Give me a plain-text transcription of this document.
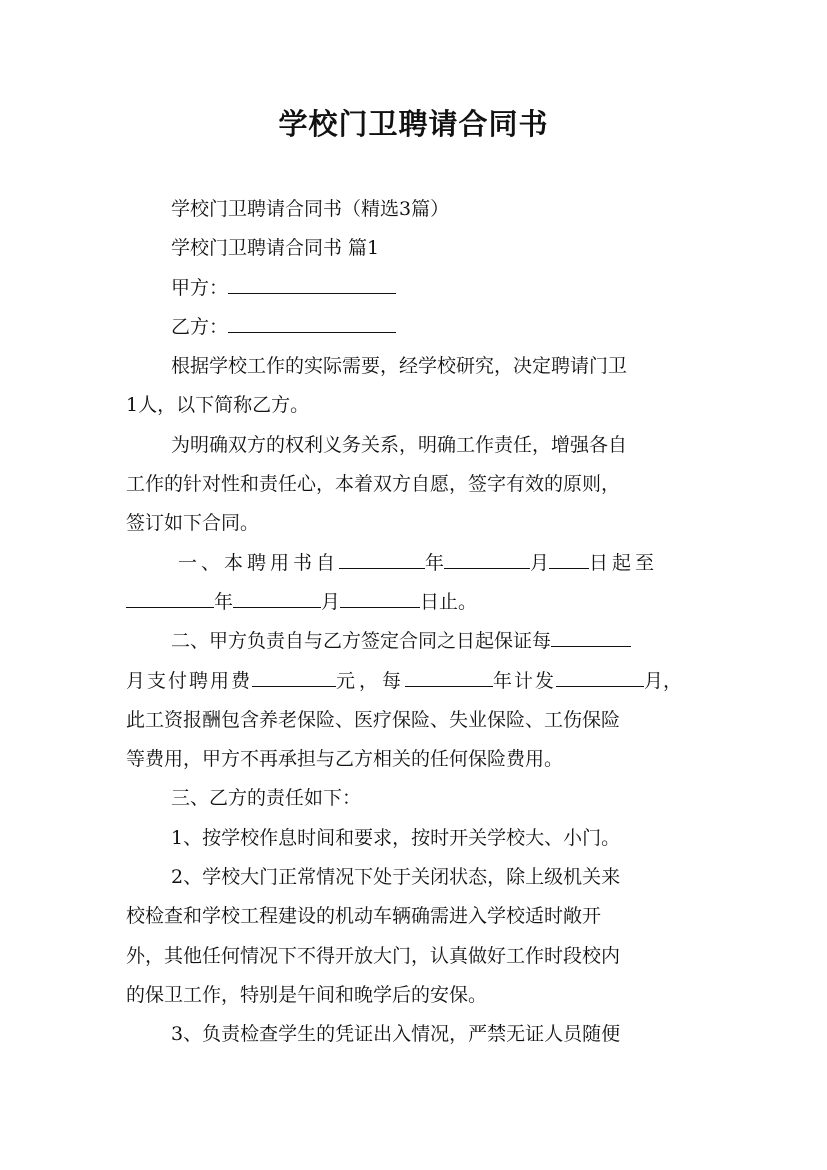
学校门卫聘请合同书
学校门卫聘请合同书（精选3篇）
学校门卫聘请合同书 篇1
甲方：
乙方：
根据学校工作的实际需要，经学校研究，决定聘请门卫
1人，以下简称乙方。
为明确双方的权利义务关系，明确工作责任，增强各自
工作的针对性和责任心，本着双方自愿，签字有效的原则，
签订如下合同。
一、本聘用书自	年	月 日起至
年	月	日止。
二、甲方负责自与乙方签定合同之日起保证每
月支付聘用费	元，每	年计发	月，
此工资报酬包含养老保险、医疗保险、失业保险、工伤保险
等费用，甲方不再承担与乙方相关的任何保险费用。
三、乙方的责任如下：
1、按学校作息时间和要求，按时开关学校大、小门。
2、学校大门正常情况下处于关闭状态，除上级机关来
校检查和学校工程建设的机动车辆确需进入学校适时敞开
外，其他任何情况下不得开放大门，认真做好工作时段校内
的保卫工作，特别是午间和晚学后的安保。
3、负责检查学生的凭证出入情况，严禁无证人员随便
